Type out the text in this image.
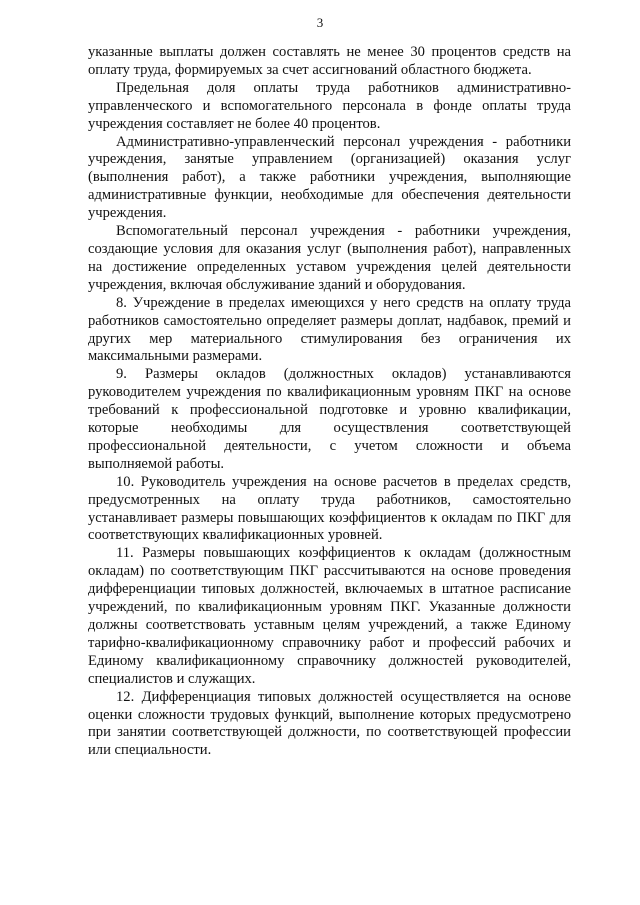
3

указанные выплаты должен составлять не менее 30 процентов средств на оплату труда, формируемых за счет ассигнований областного бюджета.

Предельная доля оплаты труда работников административно-управленческого и вспомогательного персонала в фонде оплаты труда учреждения составляет не более 40 процентов.

Административно-управленческий персонал учреждения - работники учреждения, занятые управлением (организацией) оказания услуг (выполнения работ), а также работники учреждения, выполняющие административные функции, необходимые для обеспечения деятельности учреждения.

Вспомогательный персонал учреждения - работники учреждения, создающие условия для оказания услуг (выполнения работ), направленных на достижение определенных уставом учреждения целей деятельности учреждения, включая обслуживание зданий и оборудования.

8. Учреждение в пределах имеющихся у него средств на оплату труда работников самостоятельно определяет размеры доплат, надбавок, премий и других мер материального стимулирования без ограничения их максимальными размерами.

9. Размеры окладов (должностных окладов) устанавливаются руководителем учреждения по квалификационным уровням ПКГ на основе требований к профессиональной подготовке и уровню квалификации, которые необходимы для осуществления соответствующей профессиональной деятельности, с учетом сложности и объема выполняемой работы.

10. Руководитель учреждения на основе расчетов в пределах средств, предусмотренных на оплату труда работников, самостоятельно устанавливает размеры повышающих коэффициентов к окладам по ПКГ для соответствующих квалификационных уровней.

11. Размеры повышающих коэффициентов к окладам (должностным окладам) по соответствующим ПКГ рассчитываются на основе проведения дифференциации типовых должностей, включаемых в штатное расписание учреждений, по квалификационным уровням ПКГ. Указанные должности должны соответствовать уставным целям учреждений, а также Единому тарифно-квалификационному справочнику работ и профессий рабочих и Единому квалификационному справочнику должностей руководителей, специалистов и служащих.

12. Дифференциация типовых должностей осуществляется на основе оценки сложности трудовых функций, выполнение которых предусмотрено при занятии соответствующей должности, по соответствующей профессии или специальности.
